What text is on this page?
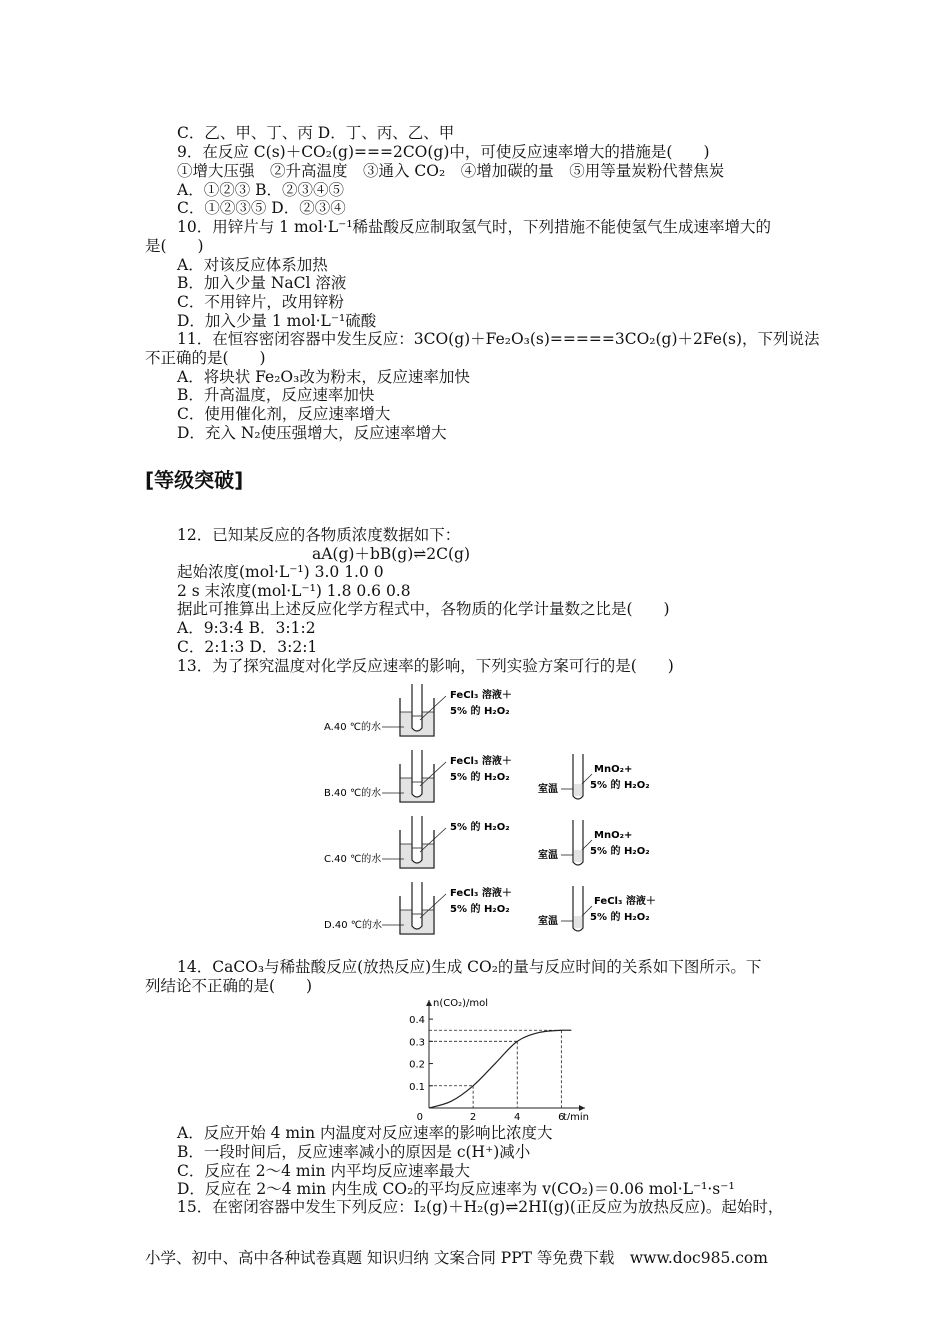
C．乙、甲、丁、丙 D．丁、丙、乙、甲
9．在反应 C(s)＋CO₂(g)===2CO(g)中，可使反应速率增大的措施是(　　)
①增大压强　②升高温度　③通入 CO₂　④增加碳的量　⑤用等量炭粉代替焦炭
A．①②③ B．②③④⑤
C．①②③⑤ D．②③④
10．用锌片与 1 mol·L⁻¹稀盐酸反应制取氢气时，下列措施不能使氢气生成速率增大的
是(　　)
A．对该反应体系加热
B．加入少量 NaCl 溶液
C．不用锌片，改用锌粉
D．加入少量 1 mol·L⁻¹硫酸
11．在恒容密闭容器中发生反应：3CO(g)＋Fe₂O₃(s)=====3CO₂(g)＋2Fe(s)，下列说法
不正确的是(　　)
A．将块状 Fe₂O₃改为粉末，反应速率加快
B．升高温度，反应速率加快
C．使用催化剂，反应速率增大
D．充入 N₂使压强增大，反应速率增大
[等级突破]
12．已知某反应的各物质浓度数据如下：
aA(g)＋bB(g)⇌2C(g)
起始浓度(mol·L⁻¹) 3.0 1.0 0
2 s 末浓度(mol·L⁻¹) 1.8 0.6 0.8
据此可推算出上述反应化学方程式中，各物质的化学计量数之比是(　　)
A．9:3:4 B．3:1:2
C．2:1:3 D．3:2:1
13．为了探究温度对化学反应速率的影响，下列实验方案可行的是(　　)
A.40 ℃的水
FeCl₃ 溶液＋
5% 的 H₂O₂
B.40 ℃的水
FeCl₃ 溶液＋
5% 的 H₂O₂
室温
MnO₂+
5% 的 H₂O₂
C.40 ℃的水
5% 的 H₂O₂
室温
MnO₂+
5% 的 H₂O₂
D.40 ℃的水
FeCl₃ 溶液＋
5% 的 H₂O₂
室温
FeCl₃ 溶液＋
5% 的 H₂O₂
14．CaCO₃与稀盐酸反应(放热反应)生成 CO₂的量与反应时间的关系如下图所示。下
列结论不正确的是(　　)
0.1
0.2
0.3
0.4
2	4	6
0
n(CO₂)/mol
t/min
A．反应开始 4 min 内温度对反应速率的影响比浓度大
B．一段时间后，反应速率减小的原因是 c(H⁺)减小
C．反应在 2～4 min 内平均反应速率最大
D．反应在 2～4 min 内生成 CO₂的平均反应速率为 v(CO₂)＝0.06 mol·L⁻¹·s⁻¹
15．在密闭容器中发生下列反应：I₂(g)＋H₂(g)⇌2HI(g)(正反应为放热反应)。起始时，
小学、初中、高中各种试卷真题 知识归纳 文案合同 PPT 等免费下载　www.doc985.com
